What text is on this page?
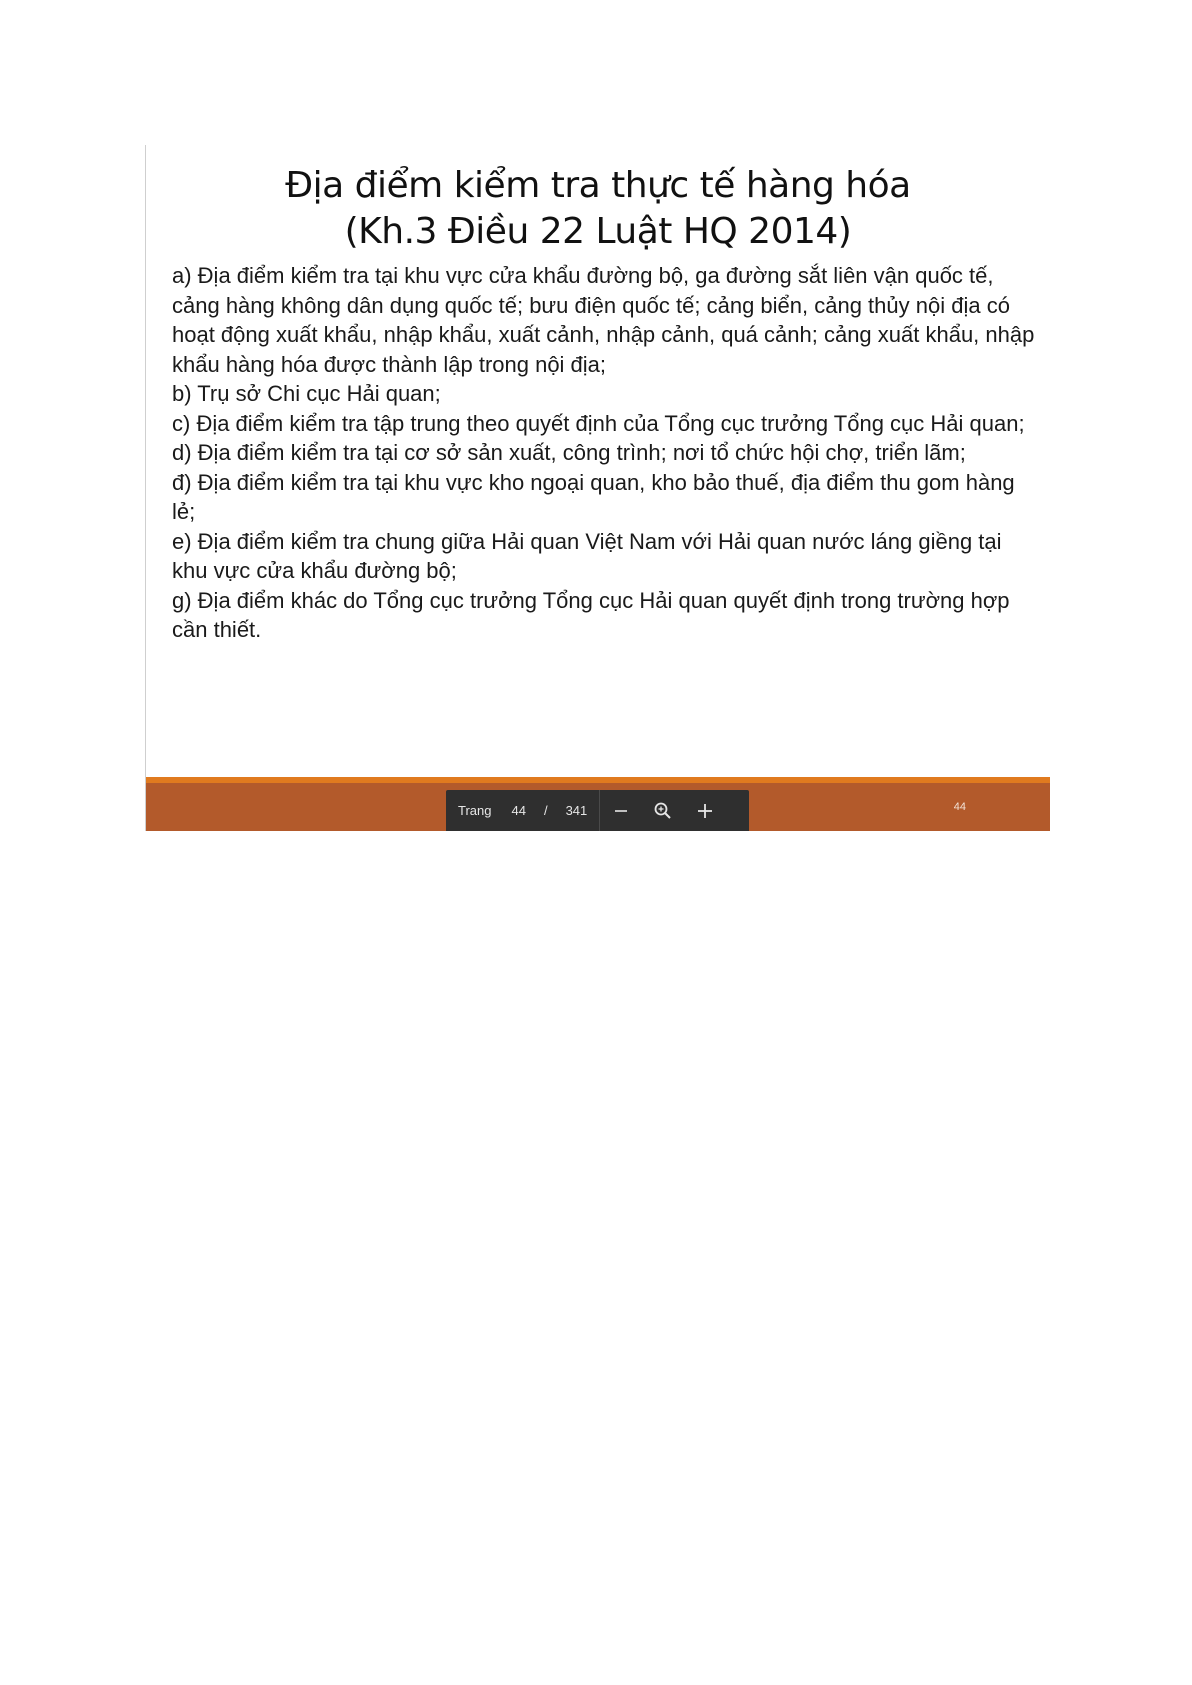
Địa điểm kiểm tra thực tế hàng hóa
(Kh.3 Điều 22 Luật HQ 2014)
a) Địa điểm kiểm tra tại khu vực cửa khẩu đường bộ, ga đường sắt liên vận quốc tế, cảng hàng không dân dụng quốc tế; bưu điện quốc tế; cảng biển, cảng thủy nội địa có hoạt động xuất khẩu, nhập khẩu, xuất cảnh, nhập cảnh, quá cảnh; cảng xuất khẩu, nhập khẩu hàng hóa được thành lập trong nội địa;
b) Trụ sở Chi cục Hải quan;
c) Địa điểm kiểm tra tập trung theo quyết định của Tổng cục trưởng Tổng cục Hải quan;
d) Địa điểm kiểm tra tại cơ sở sản xuất, công trình; nơi tổ chức hội chợ, triển lãm;
đ) Địa điểm kiểm tra tại khu vực kho ngoại quan, kho bảo thuế, địa điểm thu gom hàng lẻ;
e) Địa điểm kiểm tra chung giữa Hải quan Việt Nam với Hải quan nước láng giềng tại khu vực cửa khẩu đường bộ;
g) Địa điểm khác do Tổng cục trưởng Tổng cục Hải quan quyết định trong trường hợp cần thiết.
44
Trang 44 / 341
